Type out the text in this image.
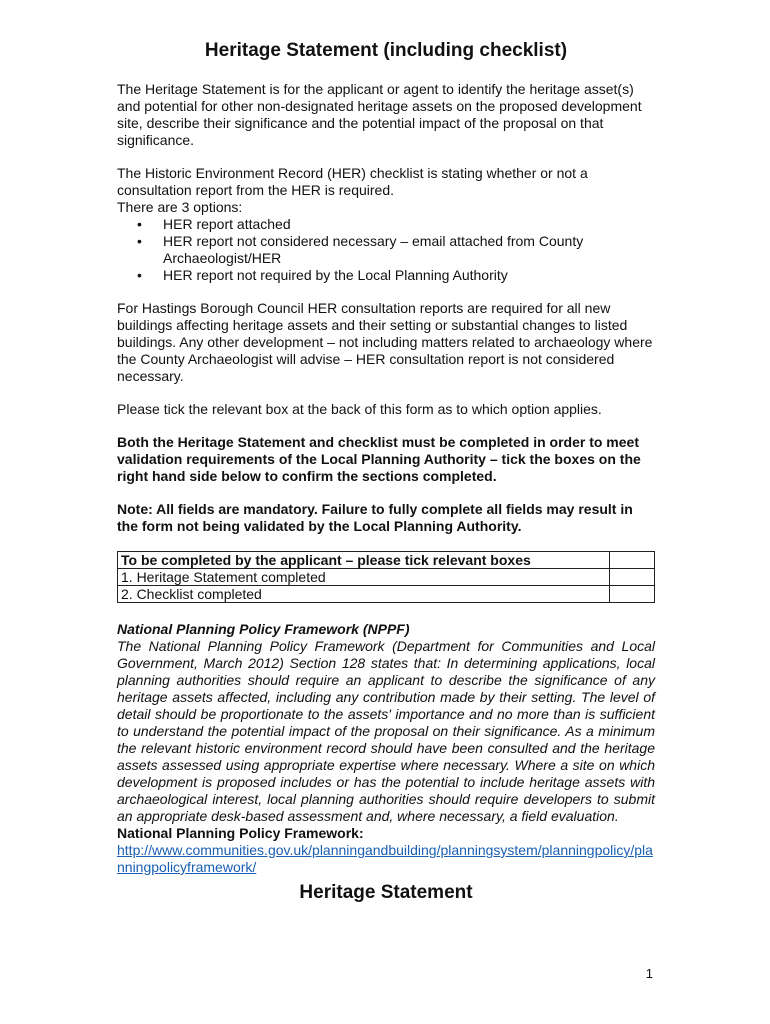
Heritage Statement (including checklist)

The Heritage Statement is for the applicant or agent to identify the heritage asset(s) and potential for other non-designated heritage assets on the proposed development site, describe their significance and the potential impact of the proposal on that significance.

The Historic Environment Record (HER) checklist is stating whether or not a consultation report from the HER is required.

There are 3 options:

• HER report attached
• HER report not considered necessary – email attached from County Archaeologist/HER
• HER report not required by the Local Planning Authority

For Hastings Borough Council HER consultation reports are required for all new buildings affecting heritage assets and their setting or substantial changes to listed buildings. Any other development – not including matters related to archaeology where the County Archaeologist will advise – HER consultation report is not considered necessary.

Please tick the relevant box at the back of this form as to which option applies.

Both the Heritage Statement and checklist must be completed in order to meet validation requirements of the Local Planning Authority – tick the boxes on the right hand side below to confirm the sections completed.

Note: All fields are mandatory. Failure to fully complete all fields may result in the form not being validated by the Local Planning Authority.

To be completed by the applicant – please tick relevant boxes	
1. Heritage Statement completed	
2. Checklist completed	
National Planning Policy Framework (NPPF)
The National Planning Policy Framework (Department for Communities and Local Government, March 2012) Section 128 states that: In determining applications, local planning authorities should require an applicant to describe the significance of any heritage assets affected, including any contribution made by their setting. The level of detail should be proportionate to the assets' importance and no more than is sufficient to understand the potential impact of the proposal on their significance. As a minimum the relevant historic environment record should have been consulted and the heritage assets assessed using appropriate expertise where necessary. Where a site on which development is proposed includes or has the potential to include heritage assets with archaeological interest, local planning authorities should require developers to submit an appropriate desk-based assessment and, where necessary, a field evaluation.

National Planning Policy Framework:

http://www.communities.gov.uk/planningandbuilding/planningsystem/planningpolicy/planningpolicyframework/
Heritage Statement
1
